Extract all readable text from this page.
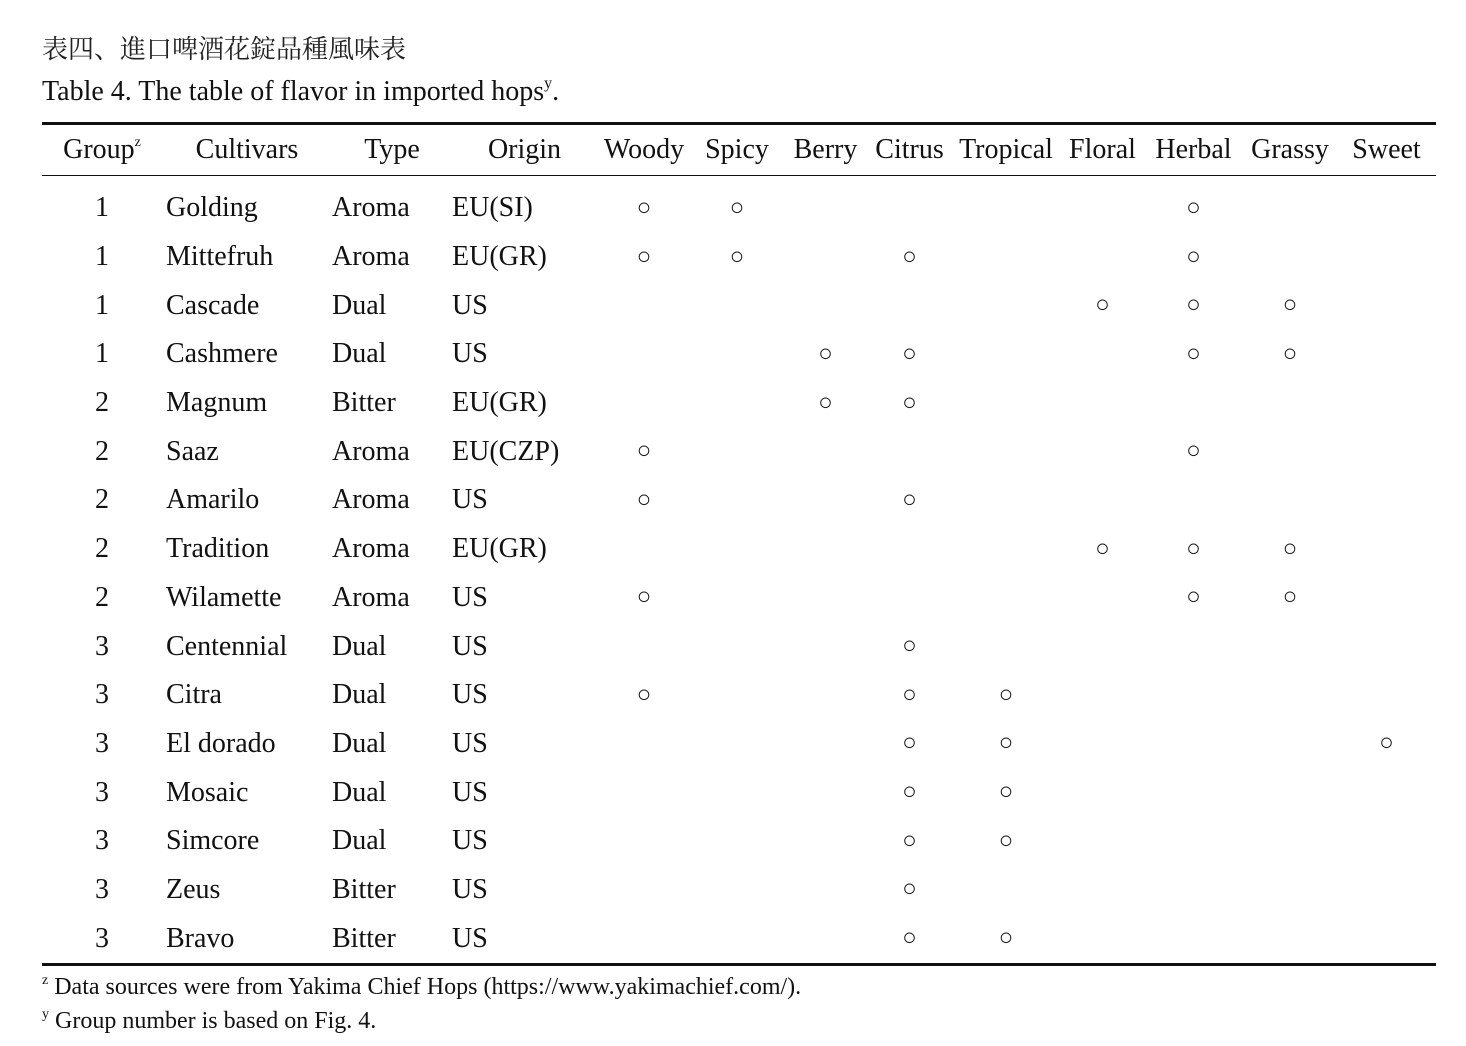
表四、進口啤酒花錠品種風味表
Table 4. The table of flavor in imported hops$^y$.
Group$^z$	Cultivars	Type	Origin	Woody	Spicy	Berry	Citrus	Tropical	Floral	Herbal	Grassy	Sweet
1	Golding	Aroma	EU(SI)	○	○					○		
1	Mittefruh	Aroma	EU(GR)	○	○		○			○		
1	Cascade	Dual	US						○	○	○	
1	Cashmere	Dual	US			○	○			○	○	
2	Magnum	Bitter	EU(GR)			○	○					
2	Saaz	Aroma	EU(CZP)	○						○		
2	Amarilo	Aroma	US	○			○					
2	Tradition	Aroma	EU(GR)						○	○	○	
2	Wilamette	Aroma	US	○						○	○	
3	Centennial	Dual	US				○					
3	Citra	Dual	US	○			○	○				
3	El dorado	Dual	US				○	○				○
3	Mosaic	Dual	US				○	○				
3	Simcore	Dual	US				○	○				
3	Zeus	Bitter	US				○					
3	Bravo	Bitter	US				○	○				
$^z$ Data sources were from Yakima Chief Hops (https://www.yakimachief.com/).
$^y$ Group number is based on Fig. 4.
